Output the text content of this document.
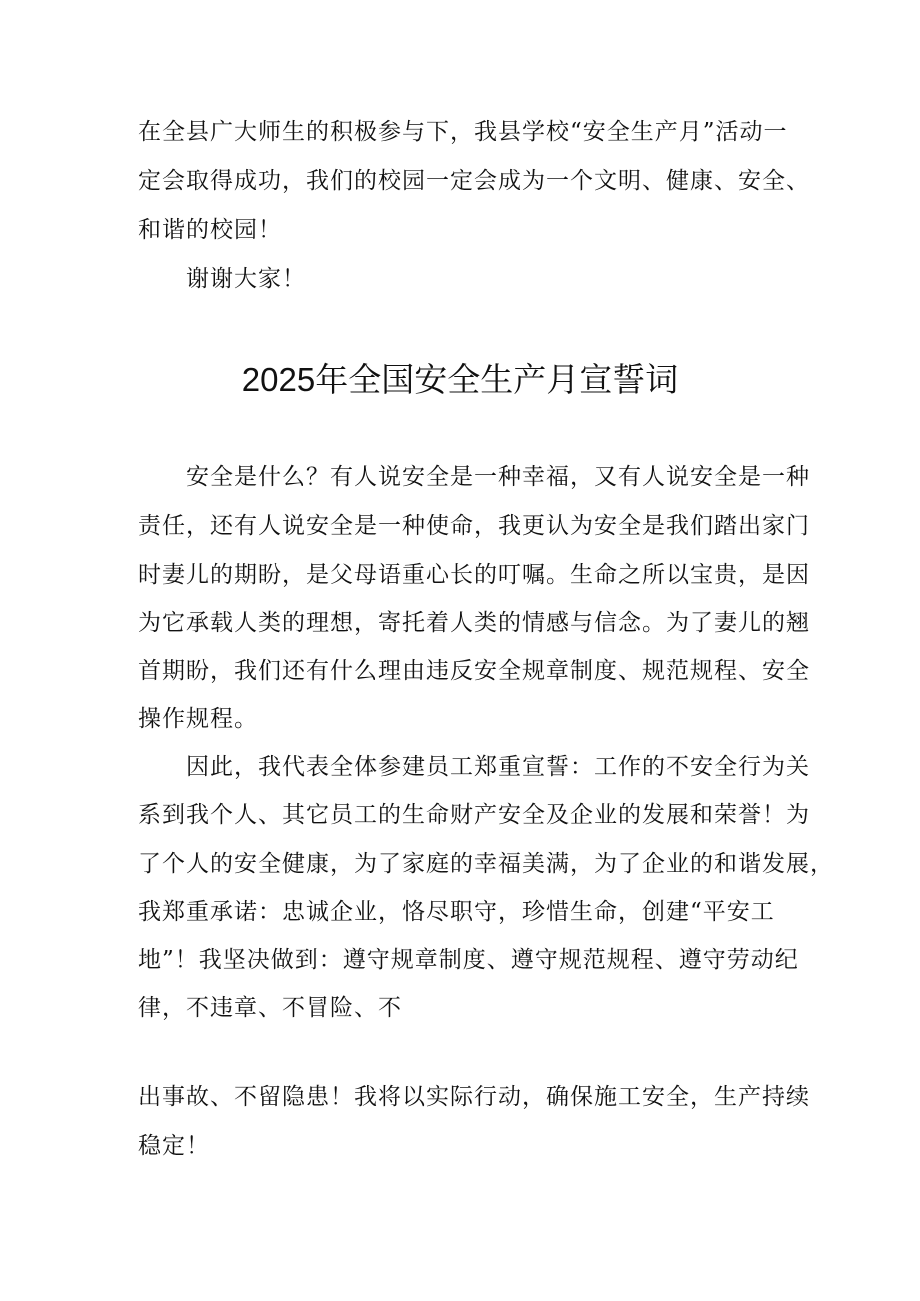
在全县广大师生的积极参与下，我县学校“安全生产月”活动一
定会取得成功，我们的校园一定会成为一个文明、健康、安全、
和谐的校园！
谢谢大家！
2025年全国安全生产月宣誓词
安全是什么？有人说安全是一种幸福，又有人说安全是一种
责任，还有人说安全是一种使命，我更认为安全是我们踏出家门
时妻儿的期盼，是父母语重心长的叮嘱。生命之所以宝贵，是因
为它承载人类的理想，寄托着人类的情感与信念。为了妻儿的翘
首期盼，我们还有什么理由违反安全规章制度、规范规程、安全
操作规程。
因此，我代表全体参建员工郑重宣誓：工作的不安全行为关
系到我个人、其它员工的生命财产安全及企业的发展和荣誉！为
了个人的安全健康，为了家庭的幸福美满，为了企业的和谐发展，
我郑重承诺：忠诚企业，恪尽职守，珍惜生命，创建“平安工
地”！我坚决做到：遵守规章制度、遵守规范规程、遵守劳动纪
律，不违章、不冒险、不
出事故、不留隐患！我将以实际行动，确保施工安全，生产持续
稳定！
